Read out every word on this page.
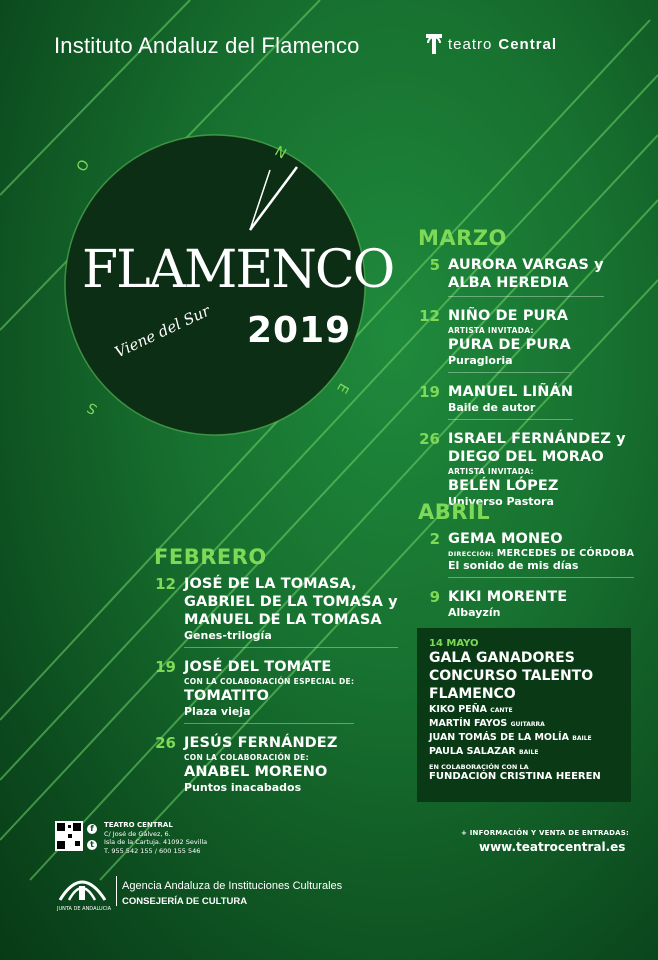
Instituto Andaluz del Flamenco	teatro Central
N
E
S
O
FLAMENCO
2019
Viene del Sur
MARZO
5 AURORA VARGAS y
ALBA HEREDIA
12 NIÑO DE PURA
ARTISTA INVITADA:
PURA DE PURA
Puragloria
19 MANUEL LIÑÁN
Baile de autor
26 ISRAEL FERNÁNDEZ y
DIEGO DEL MORAO
ARTISTA INVITADA:
BELÉN LÓPEZ
Universo Pastora
ABRIL
2 GEMA MONEO
DIRECCIÓN: MERCEDES DE CÓRDOBA
El sonido de mis días
9 KIKI MORENTE
Albayzín
FEBRERO
12 JOSÉ DE LA TOMASA,
GABRIEL DE LA TOMASA y
MANUEL DE LA TOMASA
Genes-trilogía
19 JOSÉ DEL TOMATE
CON LA COLABORACIÓN ESPECIAL DE:
TOMATITO
Plaza vieja
26 JESÚS FERNÁNDEZ
CON LA COLABORACIÓN DE:
ANABEL MORENO
Puntos inacabados
14 MAYO
GALA GANADORES
CONCURSO TALENTO
FLAMENCO
KIKO PEÑA CANTE
MARTÍN FAYOS GUITARRA
JUAN TOMÁS DE LA MOLÍA BAILE
PAULA SALAZAR BAILE
EN COLABORACIÓN CON LA
FUNDACIÓN CRISTINA HEEREN
f
t
TEATRO CENTRAL
C/ José de Gálvez, 6.
Isla de la Cartuja. 41092 Sevilla
T. 955 542 155 / 600 155 546
+ INFORMACIÓN Y VENTA DE ENTRADAS:
www.teatrocentral.es
JUNTA DE ANDALUCIA
Agencia Andaluza de Instituciones Culturales
CONSEJERÍA DE CULTURA
